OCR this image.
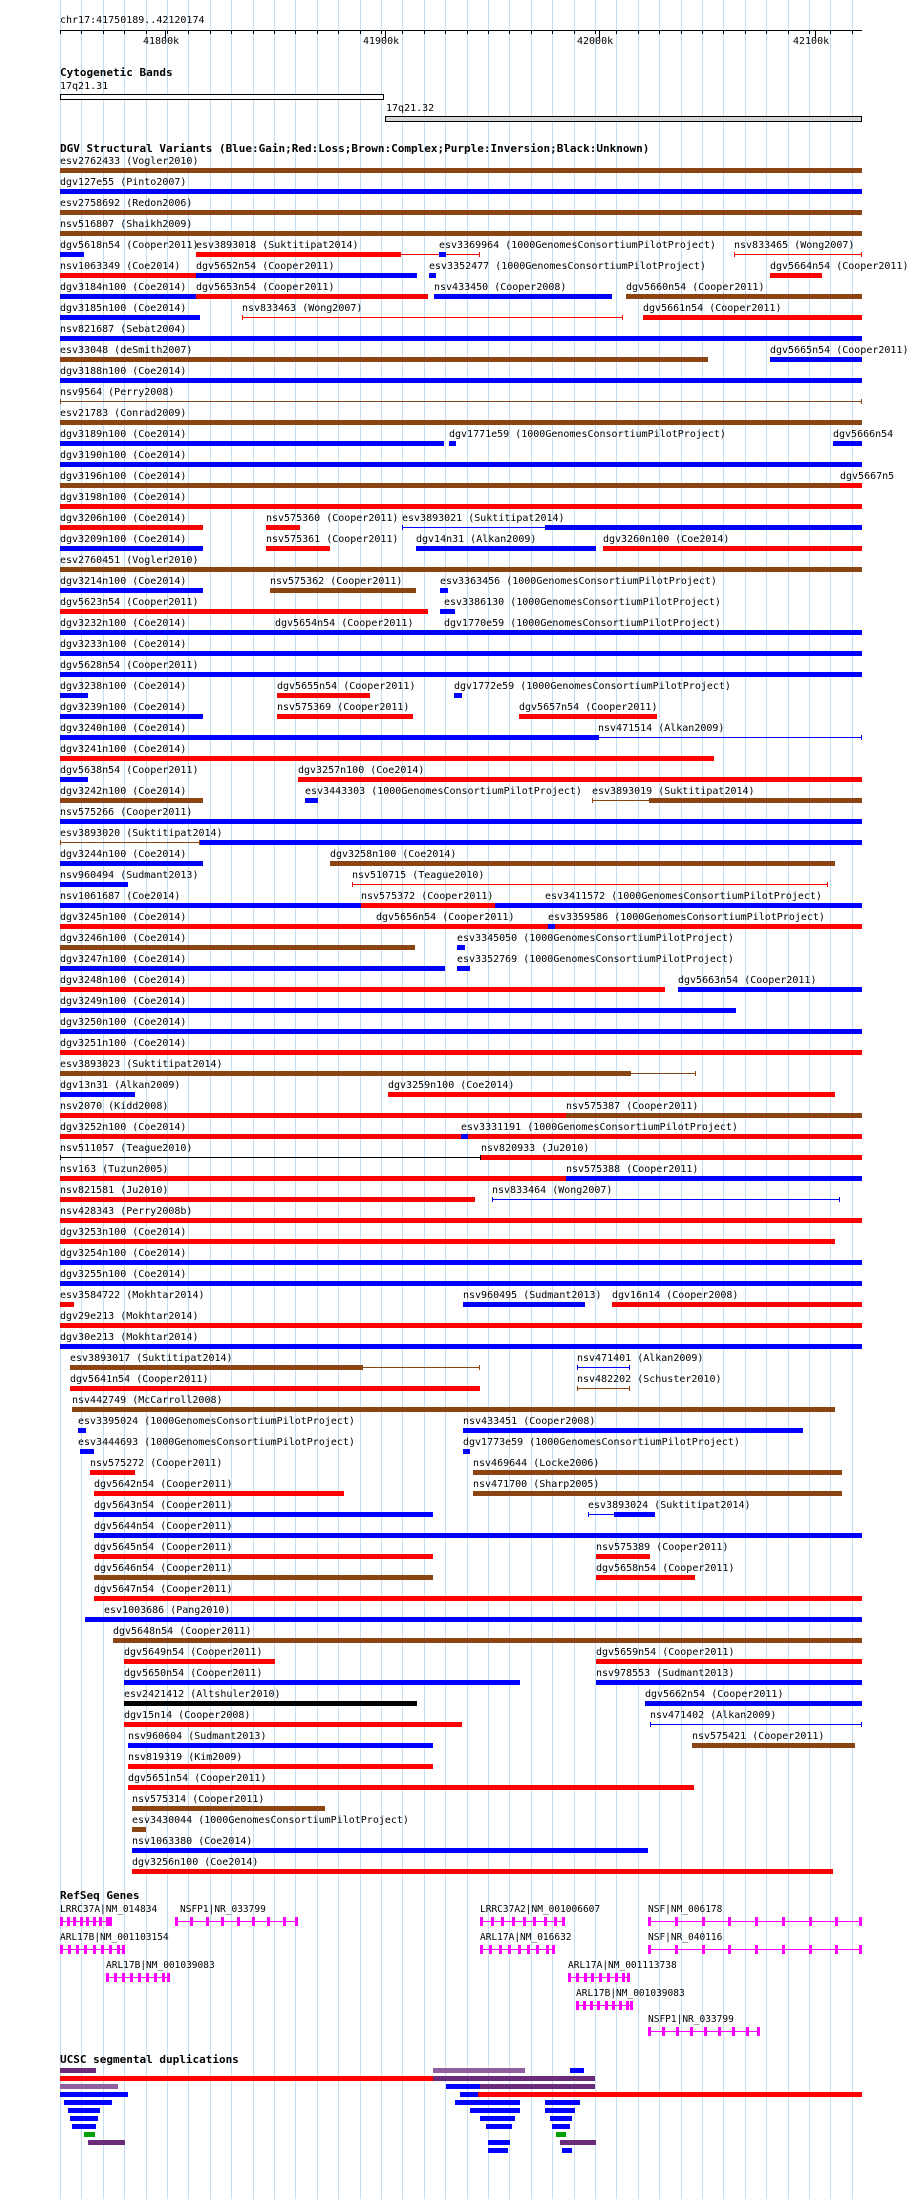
chr17:41750189..42120174
41800k	41900k	42000k	42100k
Cytogenetic Bands
17q21.31
17q21.32
DGV Structural Variants (Blue:Gain;Red:Loss;Brown:Complex;Purple:Inversion;Black:Unknown)
esv2762433 (Vogler2010)
dgv127e55 (Pinto2007)
esv2758692 (Redon2006)
nsv516807 (Shaikh2009)
dgv5618n54 (Cooper2011)
esv3893018 (Suktitipat2014)	esv3369964 (1000GenomesConsortiumPilotProject) nsv833465 (Wong2007)
nsv1063349 (Coe2014) dgv5652n54 (Cooper2011)	esv3352477 (1000GenomesConsortiumPilotProject)	dgv5664n54 (Cooper2011)
dgv3184n100 (Coe2014) dgv5653n54 (Cooper2011)	nsv433450 (Cooper2008)	dgv5660n54 (Cooper2011)
dgv3185n100 (Coe2014)	nsv833463 (Wong2007)	dgv5661n54 (Cooper2011)
nsv821687 (Sebat2004)
esv33048 (deSmith2007)	dgv5665n54 (Cooper2011)
dgv3188n100 (Coe2014)
nsv9564 (Perry2008)
esv21783 (Conrad2009)
dgv3189n100 (Coe2014)	dgv1771e59 (1000GenomesConsortiumPilotProject)	dgv5666n54
dgv3190n100 (Coe2014)
dgv3196n100 (Coe2014)	dgv5667n5
dgv3198n100 (Coe2014)
dgv3206n100 (Coe2014)	nsv575360 (Cooper2011) esv3893021 (Suktitipat2014)
dgv3209n100 (Coe2014)	nsv575361 (Cooper2011) dgv14n31 (Alkan2009)	dgv3260n100 (Coe2014)
esv2760451 (Vogler2010)
dgv3214n100 (Coe2014)	nsv575362 (Cooper2011)	esv3363456 (1000GenomesConsortiumPilotProject)
dgv5623n54 (Cooper2011)	esv3386130 (1000GenomesConsortiumPilotProject)
dgv3232n100 (Coe2014)	dgv5654n54 (Cooper2011)	dgv1770e59 (1000GenomesConsortiumPilotProject)
dgv3233n100 (Coe2014)
dgv5628n54 (Cooper2011)
dgv3238n100 (Coe2014)	dgv5655n54 (Cooper2011)	dgv1772e59 (1000GenomesConsortiumPilotProject)
dgv3239n100 (Coe2014)	nsv575369 (Cooper2011)	dgv5657n54 (Cooper2011)
dgv3240n100 (Coe2014)	nsv471514 (Alkan2009)
dgv3241n100 (Coe2014)
dgv5638n54 (Cooper2011)	dgv3257n100 (Coe2014)
dgv3242n100 (Coe2014)	esv3443303 (1000GenomesConsortiumPilotProject) esv3893019 (Suktitipat2014)
nsv575266 (Cooper2011)
esv3893020 (Suktitipat2014)
dgv3244n100 (Coe2014)	dgv3258n100 (Coe2014)
nsv960494 (Sudmant2013)	nsv510715 (Teague2010)
nsv1061687 (Coe2014)	nsv575372 (Cooper2011)	esv3411572 (1000GenomesConsortiumPilotProject)
dgv3245n100 (Coe2014)	dgv5656n54 (Cooper2011)	esv3359586 (1000GenomesConsortiumPilotProject)
dgv3246n100 (Coe2014)	esv3345050 (1000GenomesConsortiumPilotProject)
dgv3247n100 (Coe2014)	esv3352769 (1000GenomesConsortiumPilotProject)
dgv3248n100 (Coe2014)	dgv5663n54 (Cooper2011)
dgv3249n100 (Coe2014)
dgv3250n100 (Coe2014)
dgv3251n100 (Coe2014)
esv3893023 (Suktitipat2014)
dgv13n31 (Alkan2009)	dgv3259n100 (Coe2014)
nsv2070 (Kidd2008)	nsv575387 (Cooper2011)
dgv3252n100 (Coe2014)	esv3331191 (1000GenomesConsortiumPilotProject)
nsv511057 (Teague2010)	nsv820933 (Ju2010)
nsv163 (Tuzun2005)	nsv575388 (Cooper2011)
nsv821581 (Ju2010)	nsv833464 (Wong2007)
nsv428343 (Perry2008b)
dgv3253n100 (Coe2014)
dgv3254n100 (Coe2014)
dgv3255n100 (Coe2014)
esv3584722 (Mokhtar2014)	nsv960495 (Sudmant2013) dgv16n14 (Cooper2008)
dgv29e213 (Mokhtar2014)
dgv30e213 (Mokhtar2014)
esv3893017 (Suktitipat2014)	nsv471401 (Alkan2009)
dgv5641n54 (Cooper2011)	nsv482202 (Schuster2010)
nsv442749 (McCarroll2008)
esv3395024 (1000GenomesConsortiumPilotProject)	nsv433451 (Cooper2008)
esv3444693 (1000GenomesConsortiumPilotProject)	dgv1773e59 (1000GenomesConsortiumPilotProject)
nsv575272 (Cooper2011)	nsv469644 (Locke2006)
dgv5642n54 (Cooper2011)	nsv471700 (Sharp2005)
dgv5643n54 (Cooper2011)	esv3893024 (Suktitipat2014)
dgv5644n54 (Cooper2011)
dgv5645n54 (Cooper2011)	nsv575389 (Cooper2011)
dgv5646n54 (Cooper2011)	dgv5658n54 (Cooper2011)
dgv5647n54 (Cooper2011)
esv1003686 (Pang2010)
dgv5648n54 (Cooper2011)
dgv5649n54 (Cooper2011)	dgv5659n54 (Cooper2011)
dgv5650n54 (Cooper2011)	nsv978553 (Sudmant2013)
esv2421412 (Altshuler2010)	dgv5662n54 (Cooper2011)
dgv15n14 (Cooper2008)	nsv471402 (Alkan2009)
nsv960604 (Sudmant2013)	nsv575421 (Cooper2011)
nsv819319 (Kim2009)
dgv5651n54 (Cooper2011)
nsv575314 (Cooper2011)
esv3430044 (1000GenomesConsortiumPilotProject)
nsv1063380 (Coe2014)
dgv3256n100 (Coe2014)
RefSeq Genes
LRRC37A|NM_014834 NSFP1|NR_033799	LRRC37A2|NM_001006607	NSF|NM_006178
ARL17B|NM_001103154	ARL17A|NM_016632	NSF|NR_040116
ARL17B|NM_001039083	ARL17A|NM_001113738
ARL17B|NM_001039083
NSFP1|NR_033799
UCSC segmental duplications
